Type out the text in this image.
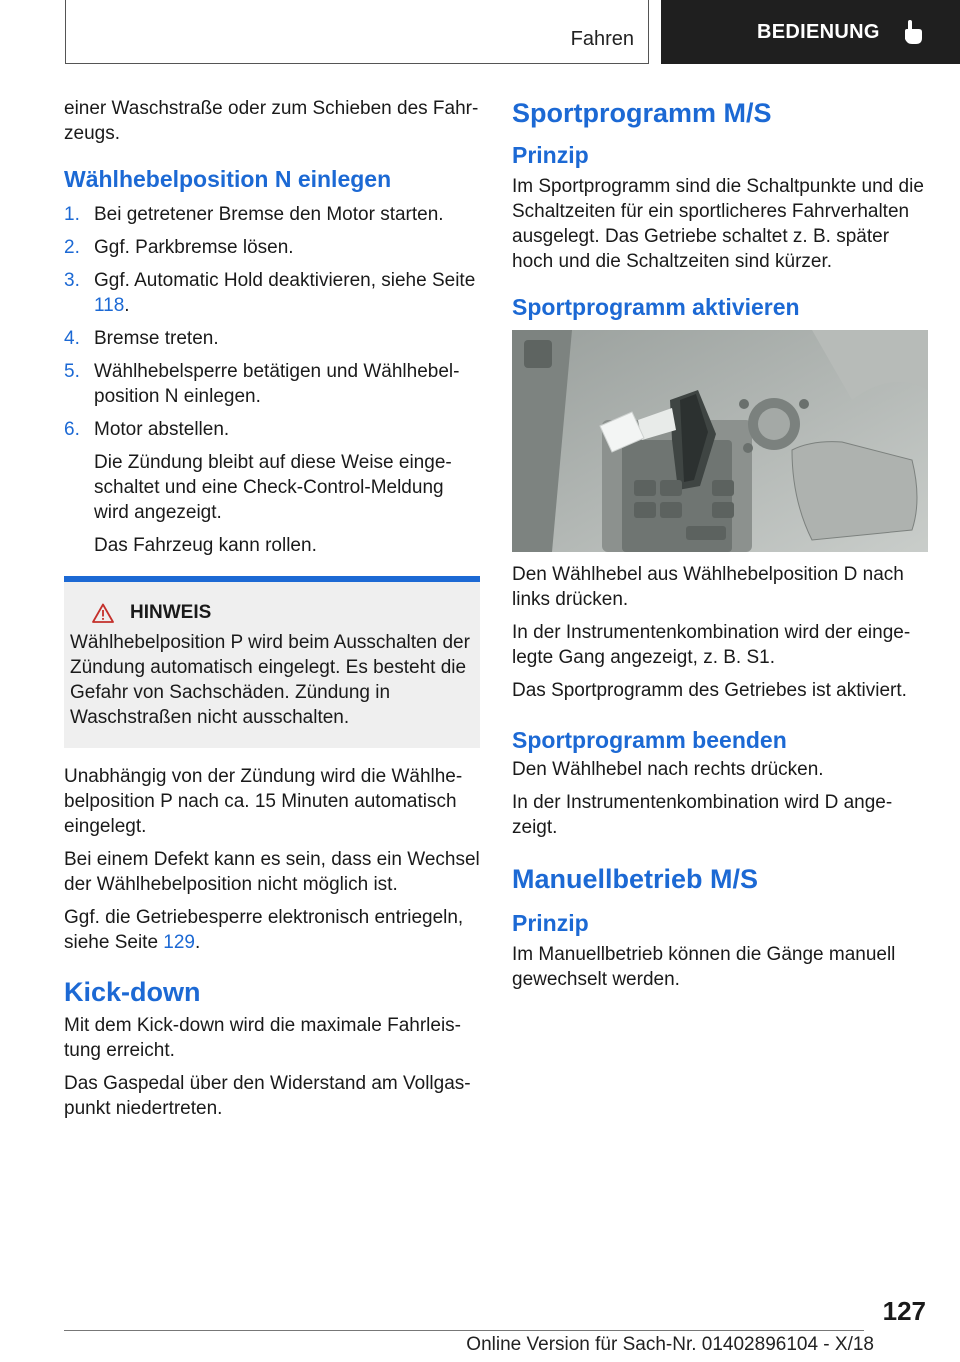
Fahren	BEDIENUNG

einer Waschstraße oder zum Schieben des Fahrzeugs.

Wählhebelposition N einlegen
1. Bei getretener Bremse den Motor starten.
2. Ggf. Parkbremse lösen.
3. Ggf. Automatic Hold deaktivieren, siehe Seite 118.
4. Bremse treten.
5. Wählhebelsperre betätigen und Wählhebelposition N einlegen.
6. Motor abstellen.

Die Zündung bleibt auf diese Weise eingeschaltet und eine Check-Control-Meldung wird angezeigt.

Das Fahrzeug kann rollen.

HINWEIS

Wählhebelposition P wird beim Ausschalten der Zündung automatisch eingelegt. Es besteht die Gefahr von Sachschäden. Zündung in Waschstraßen nicht ausschalten.

Unabhängig von der Zündung wird die Wählhebelposition P nach ca. 15 Minuten automatisch eingelegt.

Bei einem Defekt kann es sein, dass ein Wechsel der Wählhebelposition nicht möglich ist.

Ggf. die Getriebesperre elektronisch entriegeln, siehe Seite 129.

Kick-down

Mit dem Kick-down wird die maximale Fahrleistung erreicht.

Das Gaspedal über den Widerstand am Vollgaspunkt niedertreten.

Sportprogramm M/S
Prinzip

Im Sportprogramm sind die Schaltpunkte und die Schaltzeiten für ein sportlicheres Fahrverhalten ausgelegt. Das Getriebe schaltet z. B. später hoch und die Schaltzeiten sind kürzer.

Sportprogramm aktivieren

Den Wählhebel aus Wählhebelposition D nach links drücken.

In der Instrumentenkombination wird der eingelegte Gang angezeigt, z. B. S1.

Das Sportprogramm des Getriebes ist aktiviert.

Sportprogramm beenden

Den Wählhebel nach rechts drücken.

In der Instrumentenkombination wird D angezeigt.

Manuellbetrieb M/S
Prinzip

Im Manuellbetrieb können die Gänge manuell gewechselt werden.

127
Online Version für Sach-Nr. 01402896104 - X/18
